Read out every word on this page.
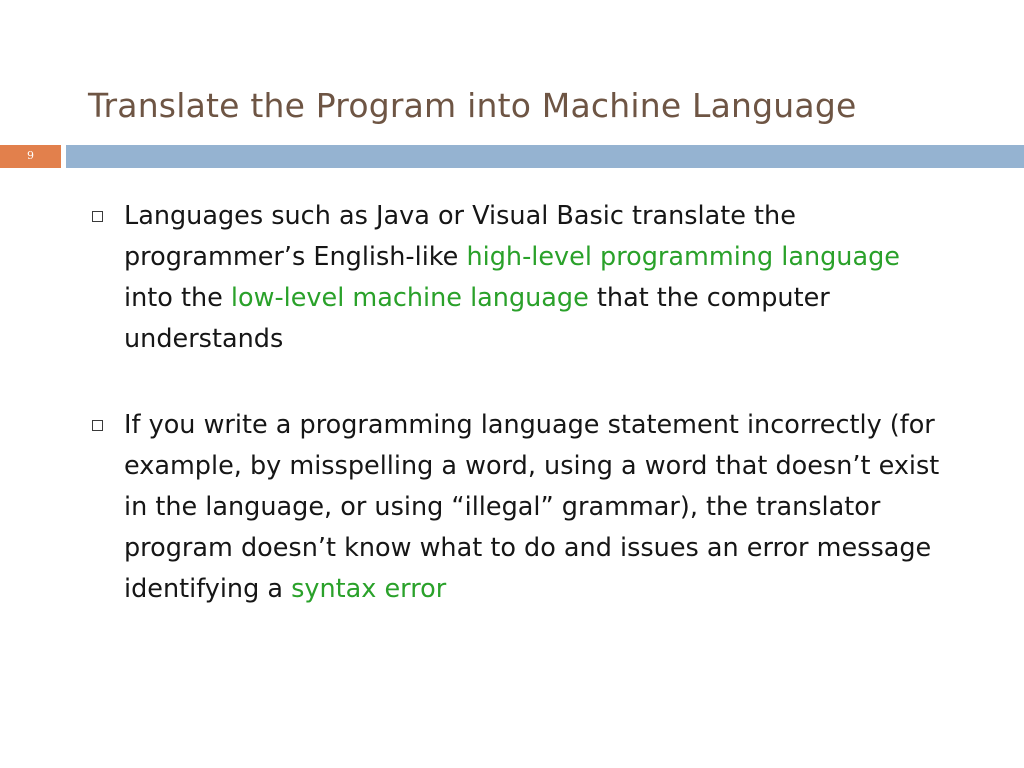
Translate the Program into Machine Language
9
Languages such as Java or Visual Basic translate the programmer’s English-like high-level programming language into the low-level machine language that the computer understands
If you write a programming language statement incorrectly (for example, by misspelling a word, using a word that doesn’t exist in the language, or using “illegal” grammar), the translator program doesn’t know what to do and issues an error message identifying a syntax error
